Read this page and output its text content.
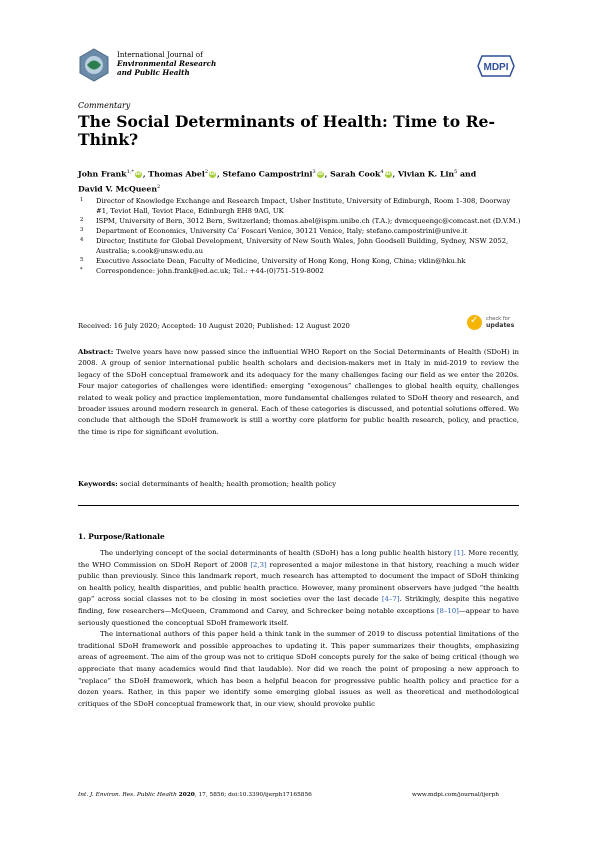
International Journal of
Environmental Research
and Public Health	MDPI
Commentary
The Social Determinants of Health: Time to Re-Think?
John Frank$^{1,*}$ iD , Thomas Abel$^2$ iD , Stefano Campostrini$^3$ iD , Sarah Cook$^4$ iD , Vivian K. Lin$^5$ and
David V. McQueen$^2$
1 Director of Knowledge Exchange and Research Impact, Usher Institute, University of Edinburgh, Room 1-308, Doorway #1, Teviot Hall, Teviot Place, Edinburgh EH8 9AG, UK
2 ISPM, University of Bern, 3012 Bern, Switzerland; thomas.abel@ispm.unibe.ch (T.A.); dvmcqueengc@comcast.net (D.V.M.)
3 Department of Economics, University Ca’ Foscari Venice, 30121 Venice, Italy; stefano.campostrini@unive.it
4 Director, Institute for Global Development, University of New South Wales, John Goodsell Building, Sydney, NSW 2052, Australia; s.cook@unsw.edu.au
5 Executive Associate Dean, Faculty of Medicine, University of Hong Kong, Hong Kong, China; vklin@hku.hk
* Correspondence: john.frank@ed.ac.uk; Tel.: +44-(0)751-519-8002
Received: 16 July 2020; Accepted: 10 August 2020; Published: 12 August 2020
✓
check for
updates
Abstract: Twelve years have now passed since the influential WHO Report on the Social Determinants of Health (SDoH) in 2008. A group of senior international public health scholars and decision-makers met in Italy in mid-2019 to review the legacy of the SDoH conceptual framework and its adequacy for the many challenges facing our field as we enter the 2020s. Four major categories of challenges were identified: emerging “exogenous” challenges to global health equity, challenges related to weak policy and practice implementation, more fundamental challenges related to SDoH theory and research, and broader issues around modern research in general. Each of these categories is discussed, and potential solutions offered. We conclude that although the SDoH framework is still a worthy core platform for public health research, policy, and practice, the time is ripe for significant evolution.
Keywords: social determinants of health; health promotion; health policy
1. Purpose/Rationale

The underlying concept of the social determinants of health (SDoH) has a long public health history [1]. More recently, the WHO Commission on SDoH Report of 2008 [2,3] represented a major milestone in that history, reaching a much wider public than previously. Since this landmark report, much research has attempted to document the impact of SDoH thinking on health policy, health disparities, and public health practice. However, many prominent observers have judged “the health gap” across social classes not to be closing in most societies over the last decade [4–7]. Strikingly, despite this negative finding, few researchers—McQueen, Crammond and Carey, and Schrecker being notable exceptions [8–10]—appear to have seriously questioned the conceptual SDoH framework itself.

The international authors of this paper held a think tank in the summer of 2019 to discuss potential limitations of the traditional SDoH framework and possible approaches to updating it. This paper summarizes their thoughts, emphasizing areas of agreement. The aim of the group was not to critique SDoH concepts purely for the sake of being critical (though we appreciate that many academics would find that laudable). Nor did we reach the point of proposing a new approach to “replace” the SDoH framework, which has been a helpful beacon for progressive public health policy and practice for a dozen years. Rather, in this paper we identify some emerging global issues as well as theoretical and methodological critiques of the SDoH conceptual framework that, in our view, should provoke public

Int. J. Environ. Res. Public Health 2020, 17, 5856; doi:10.3390/ijerph17165856	www.mdpi.com/journal/ijerph
